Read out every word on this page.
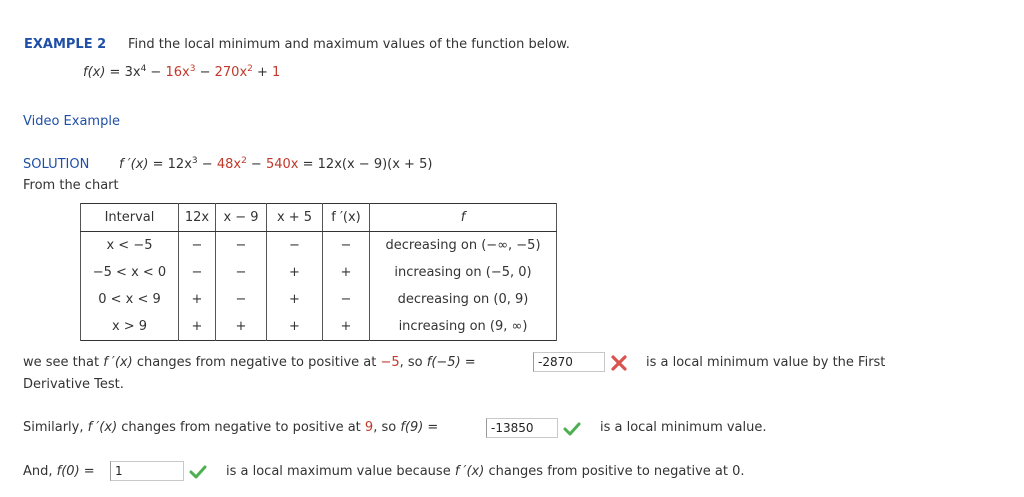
EXAMPLE 2 Find the local minimum and maximum values of the function below.
$f(x) = 3x^4 - 16x^3 - 270x^2 + 1$
Video Example
SOLUTION f $'(x) = 12x^3 - 48x^2 - 540x = 12x(x - 9)(x + 5)$
From the chart
Interval	12x	x − 9	x + 5	f ′(x)	f
x < −5	−	−	−	−	decreasing on (−∞, −5)
−5 < x < 0	−	−	+	+	increasing on (−5, 0)
0 < x < 9	+	−	+	−	decreasing on (0, 9)
x > 9	+	+	+	+	increasing on (9, ∞)
we see that f ′(x) changes from negative to positive at −5, so f(−5) =	-2870	is a local minimum value by the First
Derivative Test.
Similarly, f ′(x) changes from negative to positive at 9, so f(9) =	-13850	is a local minimum value.
And, f(0) =	1	is a local maximum value because f ′(x) changes from positive to negative at 0.
